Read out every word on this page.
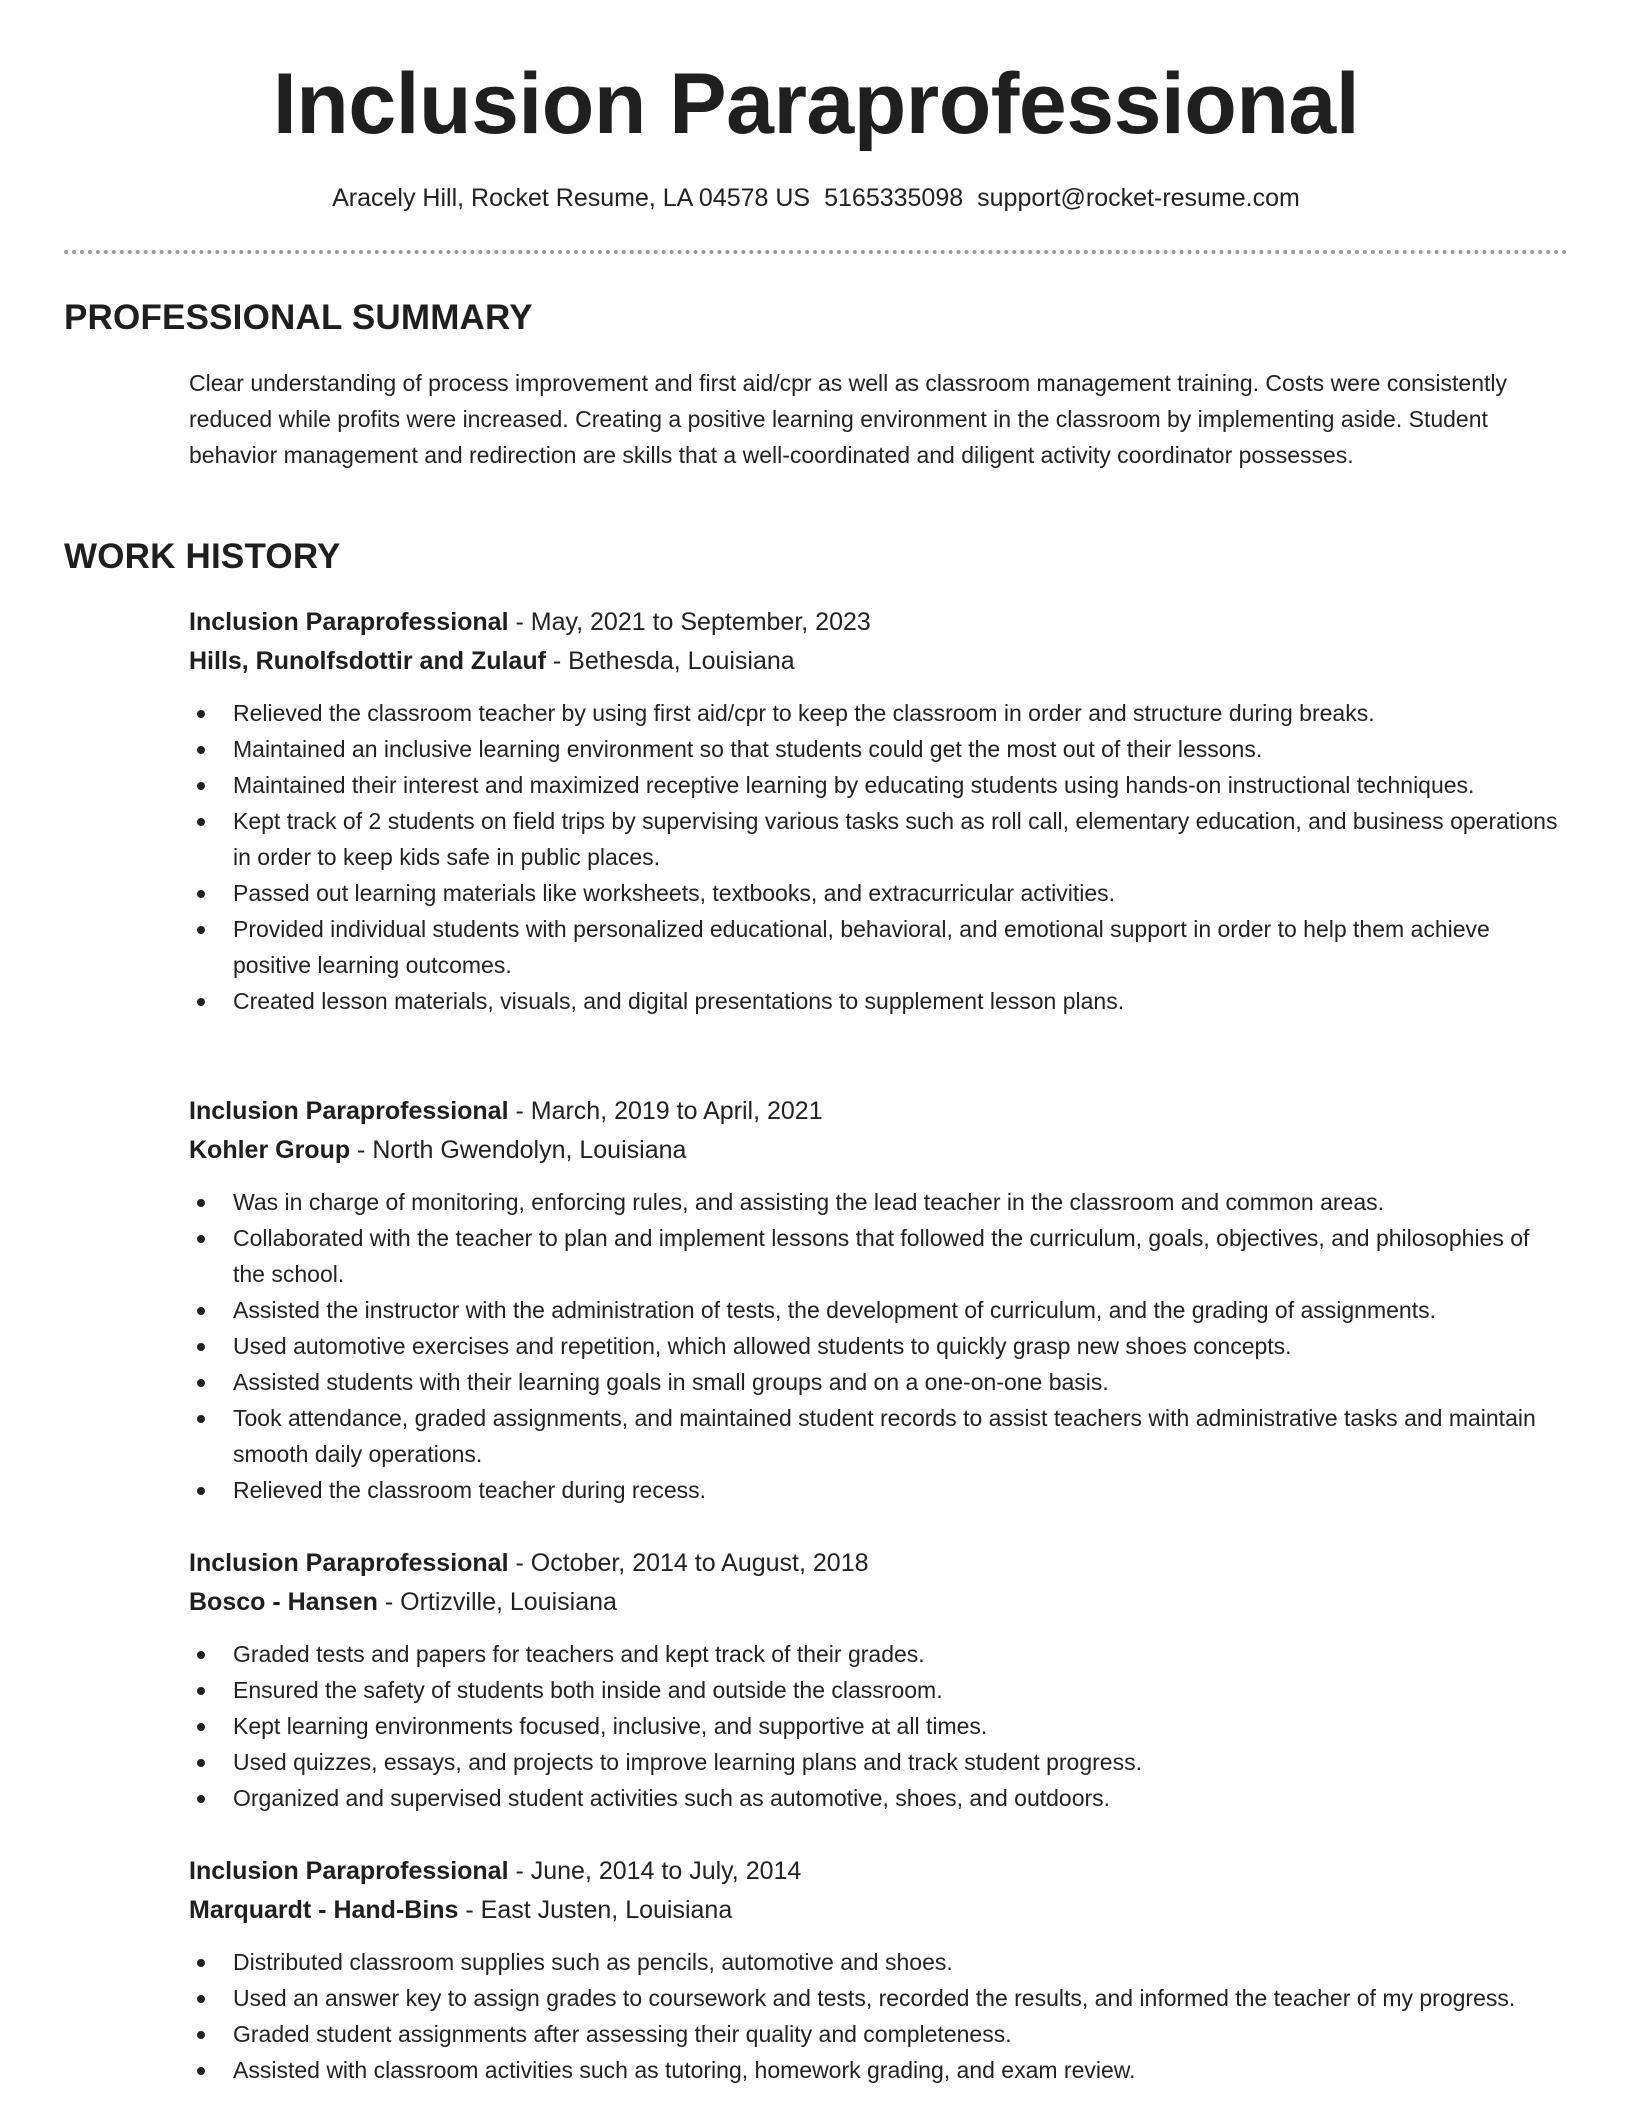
Inclusion Paraprofessional
Aracely Hill, Rocket Resume, LA 04578 US 5165335098 support@rocket-resume.com
PROFESSIONAL SUMMARY

Clear understanding of process improvement and first aid/cpr as well as classroom management training. Costs were consistently reduced while profits were increased. Creating a positive learning environment in the classroom by implementing aside. Student behavior management and redirection are skills that a well-coordinated and diligent activity coordinator possesses.

WORK HISTORY
Inclusion Paraprofessional - May, 2021 to September, 2023
Hills, Runolfsdottir and Zulauf - Bethesda, Louisiana
Relieved the classroom teacher by using first aid/cpr to keep the classroom in order and structure during breaks.
Maintained an inclusive learning environment so that students could get the most out of their lessons.
Maintained their interest and maximized receptive learning by educating students using hands-on instructional techniques.
Kept track of 2 students on field trips by supervising various tasks such as roll call, elementary education, and business operations in order to keep kids safe in public places.
Passed out learning materials like worksheets, textbooks, and extracurricular activities.
Provided individual students with personalized educational, behavioral, and emotional support in order to help them achieve positive learning outcomes.
Created lesson materials, visuals, and digital presentations to supplement lesson plans.
Inclusion Paraprofessional - March, 2019 to April, 2021
Kohler Group - North Gwendolyn, Louisiana
Was in charge of monitoring, enforcing rules, and assisting the lead teacher in the classroom and common areas.
Collaborated with the teacher to plan and implement lessons that followed the curriculum, goals, objectives, and philosophies of the school.
Assisted the instructor with the administration of tests, the development of curriculum, and the grading of assignments.
Used automotive exercises and repetition, which allowed students to quickly grasp new shoes concepts.
Assisted students with their learning goals in small groups and on a one-on-one basis.
Took attendance, graded assignments, and maintained student records to assist teachers with administrative tasks and maintain smooth daily operations.
Relieved the classroom teacher during recess.
Inclusion Paraprofessional - October, 2014 to August, 2018
Bosco - Hansen - Ortizville, Louisiana
Graded tests and papers for teachers and kept track of their grades.
Ensured the safety of students both inside and outside the classroom.
Kept learning environments focused, inclusive, and supportive at all times.
Used quizzes, essays, and projects to improve learning plans and track student progress.
Organized and supervised student activities such as automotive, shoes, and outdoors.
Inclusion Paraprofessional - June, 2014 to July, 2014
Marquardt - Hand-Bins - East Justen, Louisiana
Distributed classroom supplies such as pencils, automotive and shoes.
Used an answer key to assign grades to coursework and tests, recorded the results, and informed the teacher of my progress.
Graded student assignments after assessing their quality and completeness.
Assisted with classroom activities such as tutoring, homework grading, and exam review.
